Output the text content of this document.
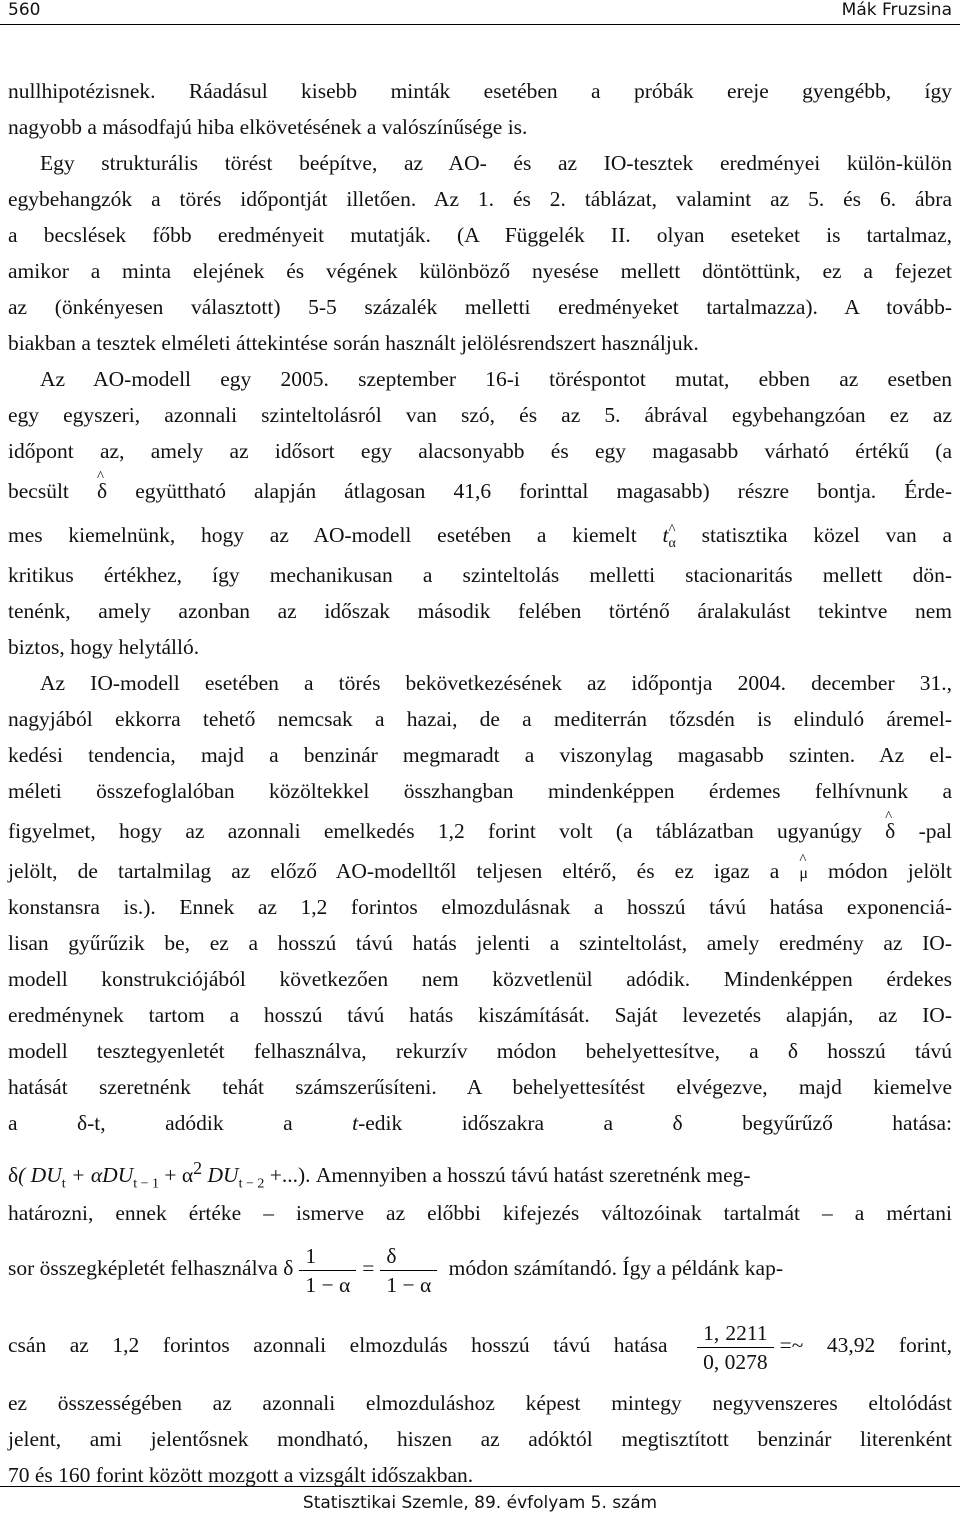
560	Mák Fruzsina
nullhipotézisnek. Ráadásul kisebb minták esetében a próbák ereje gyengébb, így
nagyobb a másodfajú hiba elkövetésének a valószínűsége is.
Egy strukturális törést beépítve, az AO- és az IO-tesztek eredményei külön-külön
egybehangzók a törés időpontját illetően. Az 1. és 2. táblázat, valamint az 5. és 6. ábra
a becslések főbb eredményeit mutatják. (A Függelék II. olyan eseteket is tartalmaz,
amikor a minta elejének és végének különböző nyesése mellett döntöttünk, ez a fejezet
az (önkényesen választott) 5-5 százalék melletti eredményeket tartalmazza). A tovább-
biakban a tesztek elméleti áttekintése során használt jelölésrendszert használjuk.
Az AO-modell egy 2005. szeptember 16-i töréspontot mutat, ebben az esetben
egy egyszeri, azonnali szinteltolásról van szó, és az 5. ábrával egybehangzóan ez az
időpont az, amely az idősort egy alacsonyabb és egy magasabb várható értékű (a
becsült δ ^ együttható alapján átlagosan 41,6 forinttal magasabb) részre bontja. Érde-
mes kiemelnünk, hogy az AO-modell esetében a kiemelt $t_\alpha$ ^ statisztika közel van a
kritikus értékhez, így mechanikusan a szinteltolás melletti stacionaritás mellett dön-
tenénk, amely azonban az időszak második felében történő áralakulást tekintve nem
biztos, hogy helytálló.
Az IO-modell esetében a törés bekövetkezésének az időpontja 2004. december 31.,
nagyjából ekkorra tehető nemcsak a hazai, de a mediterrán tőzsdén is elinduló áremel-
kedési tendencia, majd a benzinár megmaradt a viszonylag magasabb szinten. Az el-
méleti összefoglalóban közöltekkel összhangban mindenképpen érdemes felhívnunk a
figyelmet, hogy az azonnali emelkedés 1,2 forint volt (a táblázatban ugyanúgy δ ^ -pal
jelölt, de tartalmilag az előző AO-modelltől teljesen eltérő, és ez igaz a μ ^ módon jelölt
konstansra is.). Ennek az 1,2 forintos elmozdulásnak a hosszú távú hatása exponenciá-
lisan gyűrűzik be, ez a hosszú távú hatás jelenti a szinteltolást, amely eredmény az IO-
modell konstrukciójából következően nem közvetlenül adódik. Mindenképpen érdekes
eredménynek tartom a hosszú távú hatás kiszámítását. Saját levezetés alapján, az IO-
modell tesztegyenletét felhasználva, rekurzív módon behelyettesítve, a δ hosszú távú
hatását szeretnénk tehát számszerűsíteni. A behelyettesítést elvégezve, majd kiemelve
a	δ-t, adódik a	t-edik időszakra a	δ	begyűrűző hatása:
δ( $DU_t + \alpha DU_{t - 1} + \alpha^2$ $DU_{t - 2}$ +...). Amennyiben a hosszú távú hatást szeretnénk meg-
határozni, ennek értéke – ismerve az előbbi kifejezés változóinak tartalmát – a mértani
sor összegképletét felhasználva δ $\frac{1}{1 - \alpha} = \frac{\delta}{1 - \alpha}$ módon számítandó. Így a példánk kap-
csán az 1,2 forintos azonnali elmozdulás hosszú távú hatása $\frac{1, 2211}{0, 0278}$ =~ 43,92 forint,
ez összességében az azonnali elmozduláshoz képest mintegy negyvenszeres eltolódást
jelent, ami jelentősnek mondható, hiszen az adóktól megtisztított benzinár literenként
70 és 160 forint között mozgott a vizsgált időszakban.
Statisztikai Szemle, 89. évfolyam 5. szám
